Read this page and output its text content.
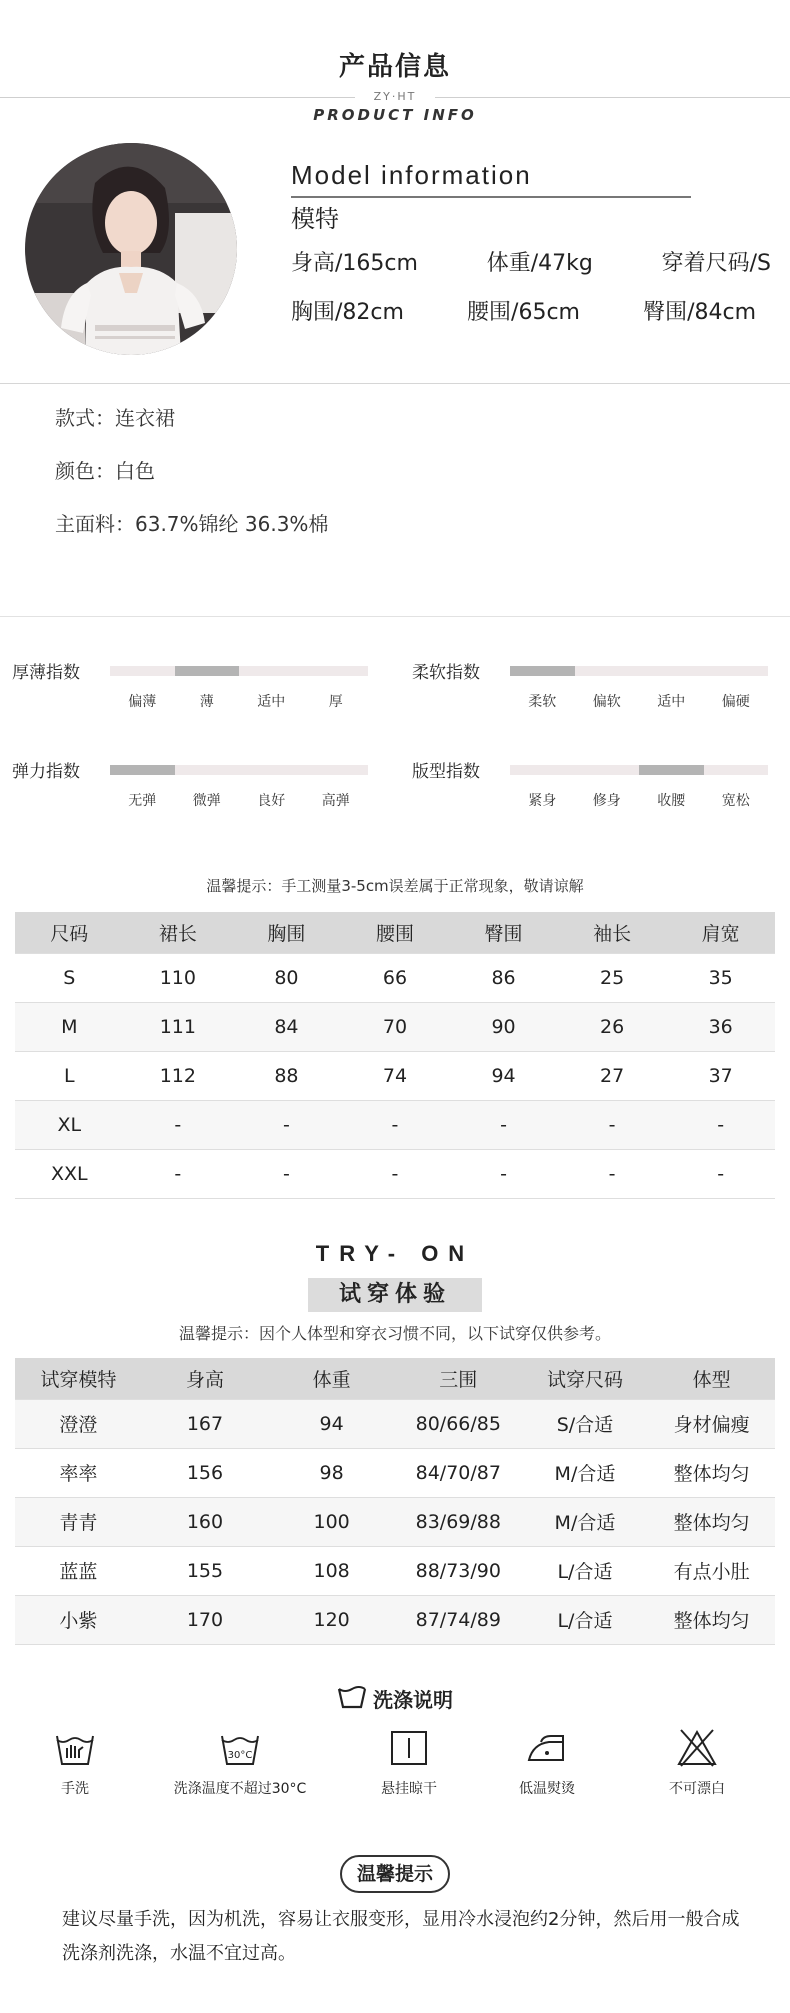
产品信息
ZY·HT
PRODUCT INFO
Model information
模特
身高/165cm	体重/47kg	穿着尺码/S
胸围/82cm	腰围/65cm	臀围/84cm
款式：连衣裙
颜色：白色
主面料：63.7%锦纶 36.3%棉
厚薄指数
偏薄	薄	适中	厚
柔软指数
柔软	偏软	适中	偏硬
弹力指数
无弹	微弹	良好	高弹
版型指数
紧身	修身	收腰	宽松
温馨提示：手工测量3-5cm误差属于正常现象，敬请谅解
尺码	裙长	胸围	腰围	臀围	袖长	肩宽
S	110	80	66	86	25	35
M	111	84	70	90	26	36
L	112	88	74	94	27	37
XL	-	-	-	-	-	-
XXL	-	-	-	-	-	-
TRY- ON
试穿体验
温馨提示：因个人体型和穿衣习惯不同，以下试穿仅供参考。
试穿模特	身高	体重	三围	试穿尺码	体型
澄澄	167	94	80/66/85	S/合适	身材偏瘦
率率	156	98	84/70/87	M/合适	整体均匀
青青	160	100	83/69/88	M/合适	整体均匀
蓝蓝	155	108	88/73/90	L/合适	有点小肚
小紫	170	120	87/74/89	L/合适	整体均匀
洗涤说明
手洗
30°C
洗涤温度不超过30°C	悬挂晾干	低温熨烫	不可漂白
温馨提示
建议尽量手洗，因为机洗，容易让衣服变形，显用冷水浸泡约2分钟，然后用一般合成洗涤剂洗涤，水温不宜过高。
